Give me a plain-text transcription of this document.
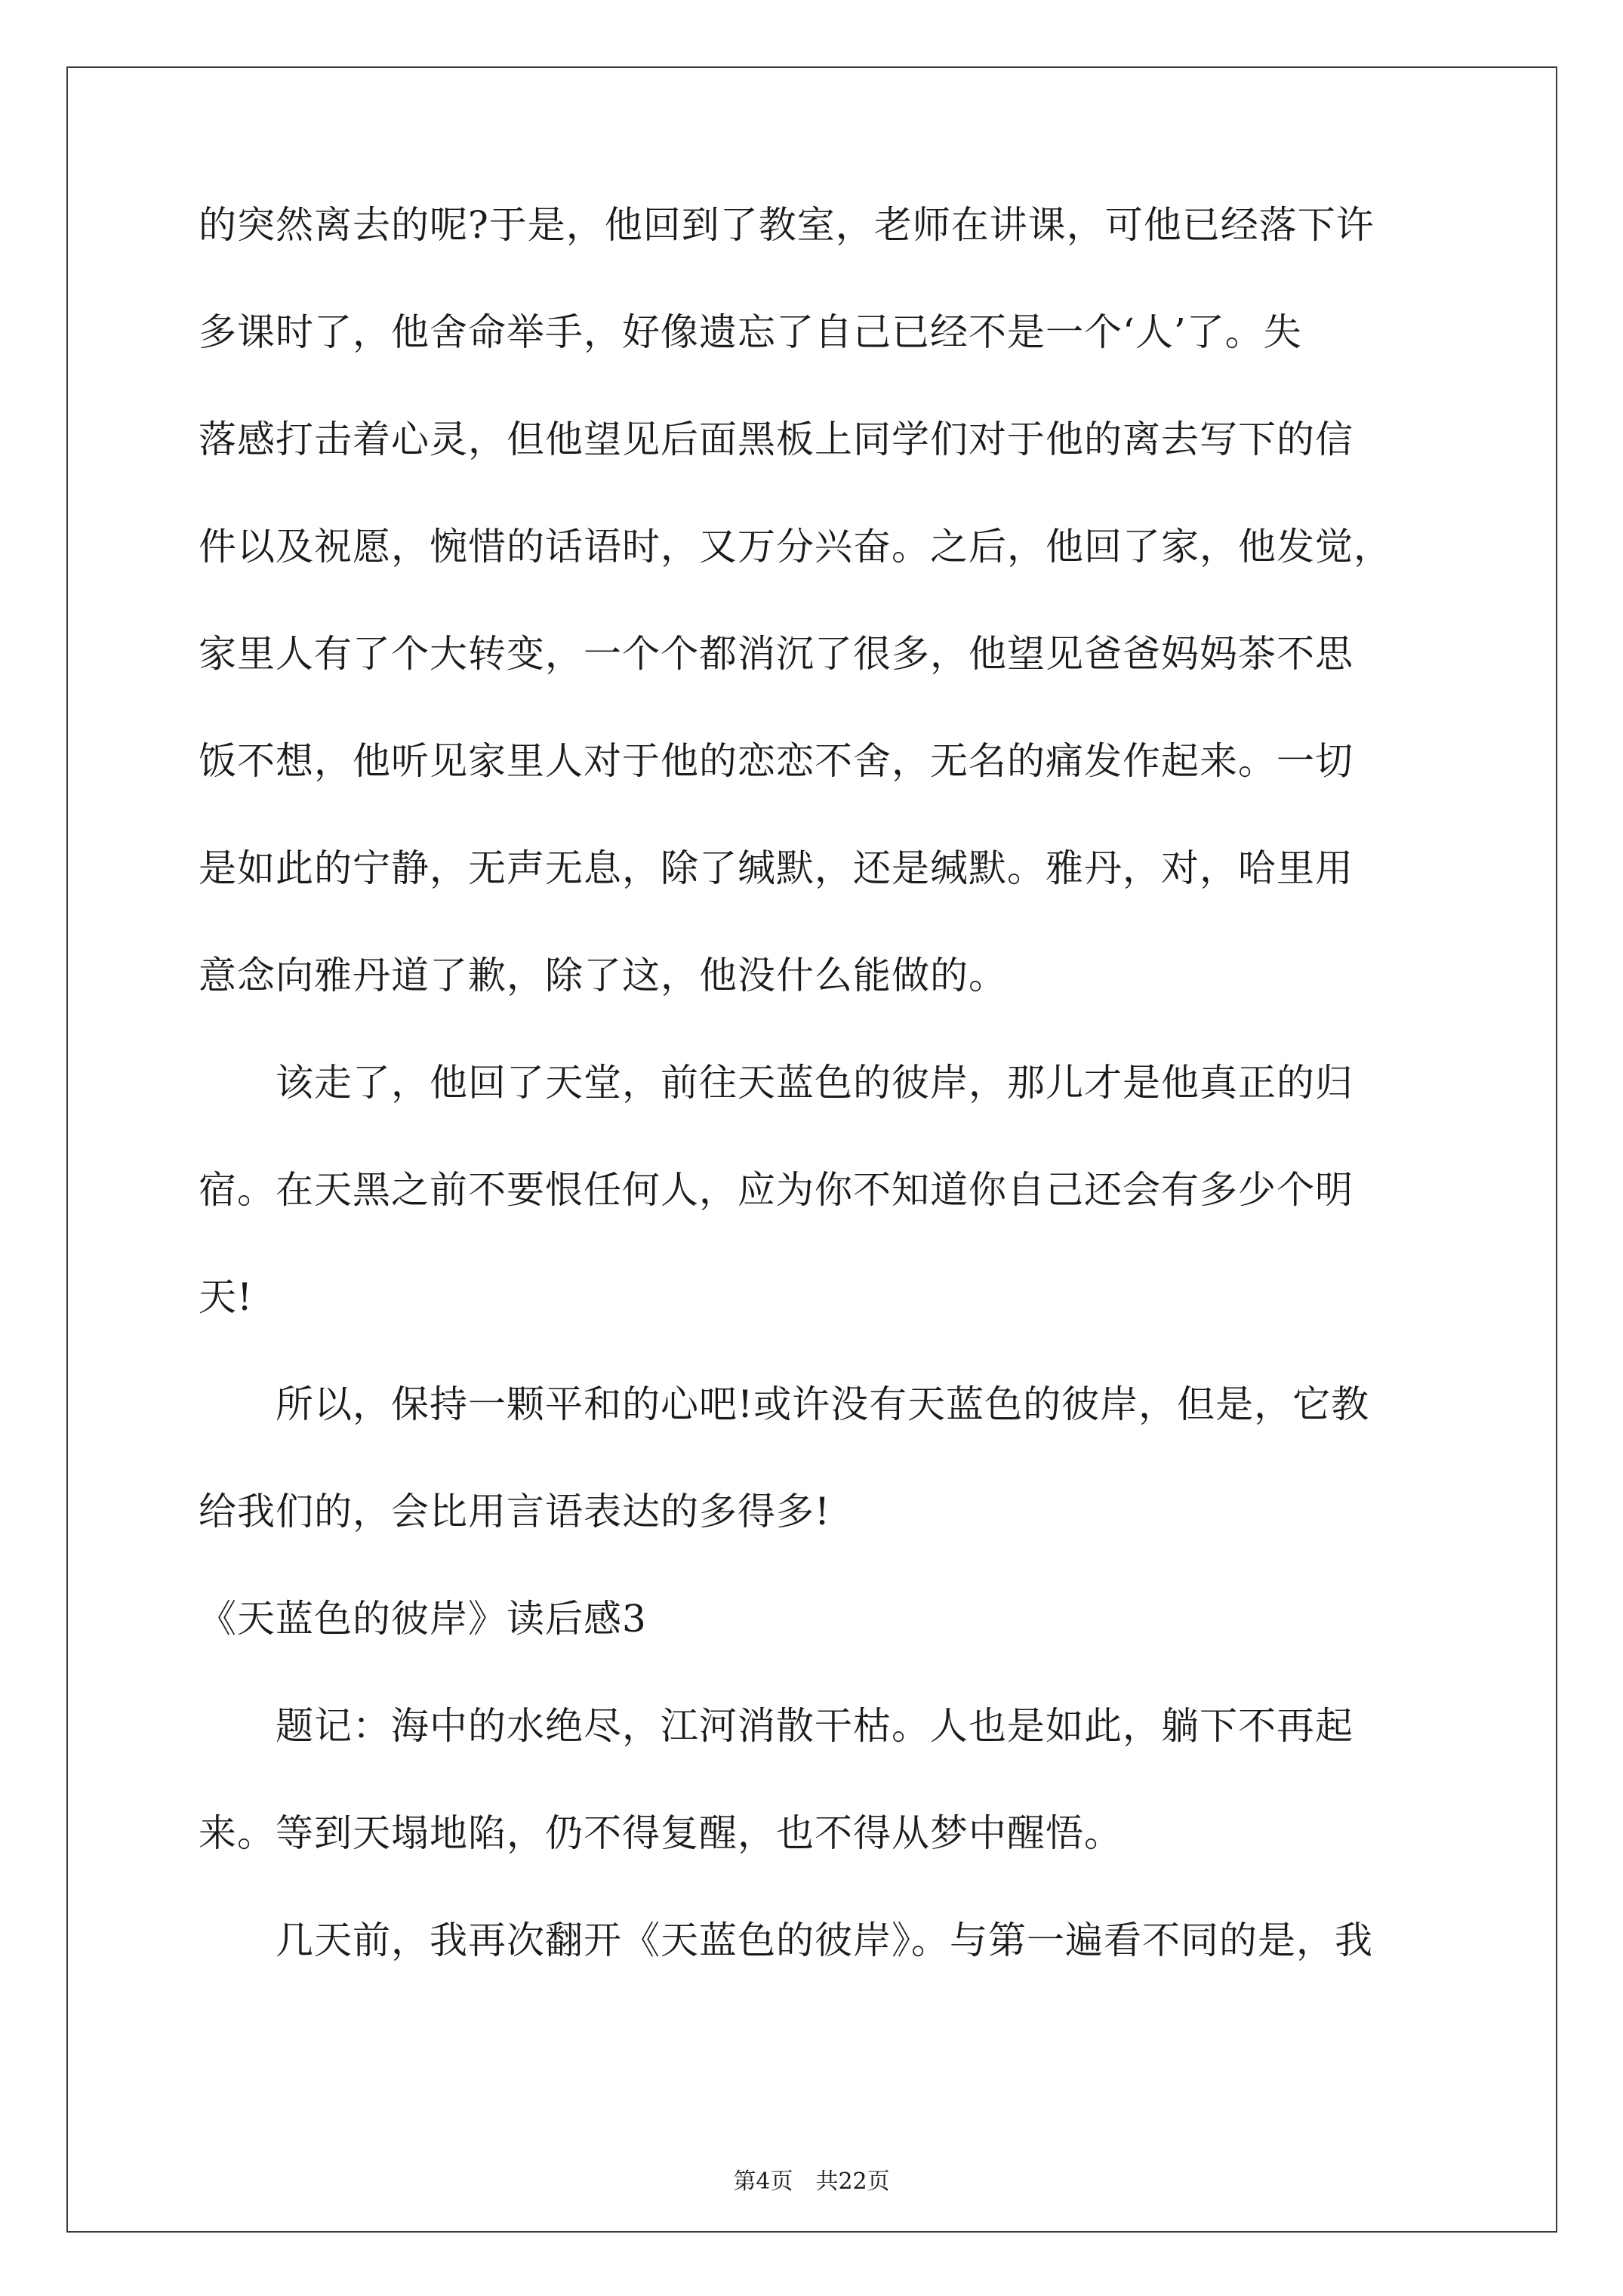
的突然离去的呢?于是，他回到了教室，老师在讲课，可他已经落下许
多课时了，他舍命举手，好像遗忘了自己已经不是一个‘人’了。失
落感打击着心灵，但他望见后面黑板上同学们对于他的离去写下的信
件以及祝愿，惋惜的话语时，又万分兴奋。之后，他回了家，他发觉，
家里人有了个大转变，一个个都消沉了很多，他望见爸爸妈妈茶不思
饭不想，他听见家里人对于他的恋恋不舍，无名的痛发作起来。一切
是如此的宁静，无声无息，除了缄默，还是缄默。雅丹，对，哈里用
意念向雅丹道了歉，除了这，他没什么能做的。
　　该走了，他回了天堂，前往天蓝色的彼岸，那儿才是他真正的归
宿。在天黑之前不要恨任何人，应为你不知道你自己还会有多少个明
天!
　　所以，保持一颗平和的心吧!或许没有天蓝色的彼岸，但是，它教
给我们的，会比用言语表达的多得多!
《天蓝色的彼岸》读后感3
　　题记：海中的水绝尽，江河消散干枯。人也是如此，躺下不再起
来。等到天塌地陷，仍不得复醒，也不得从梦中醒悟。
　　几天前，我再次翻开《天蓝色的彼岸》。与第一遍看不同的是，我
第4页　共22页
